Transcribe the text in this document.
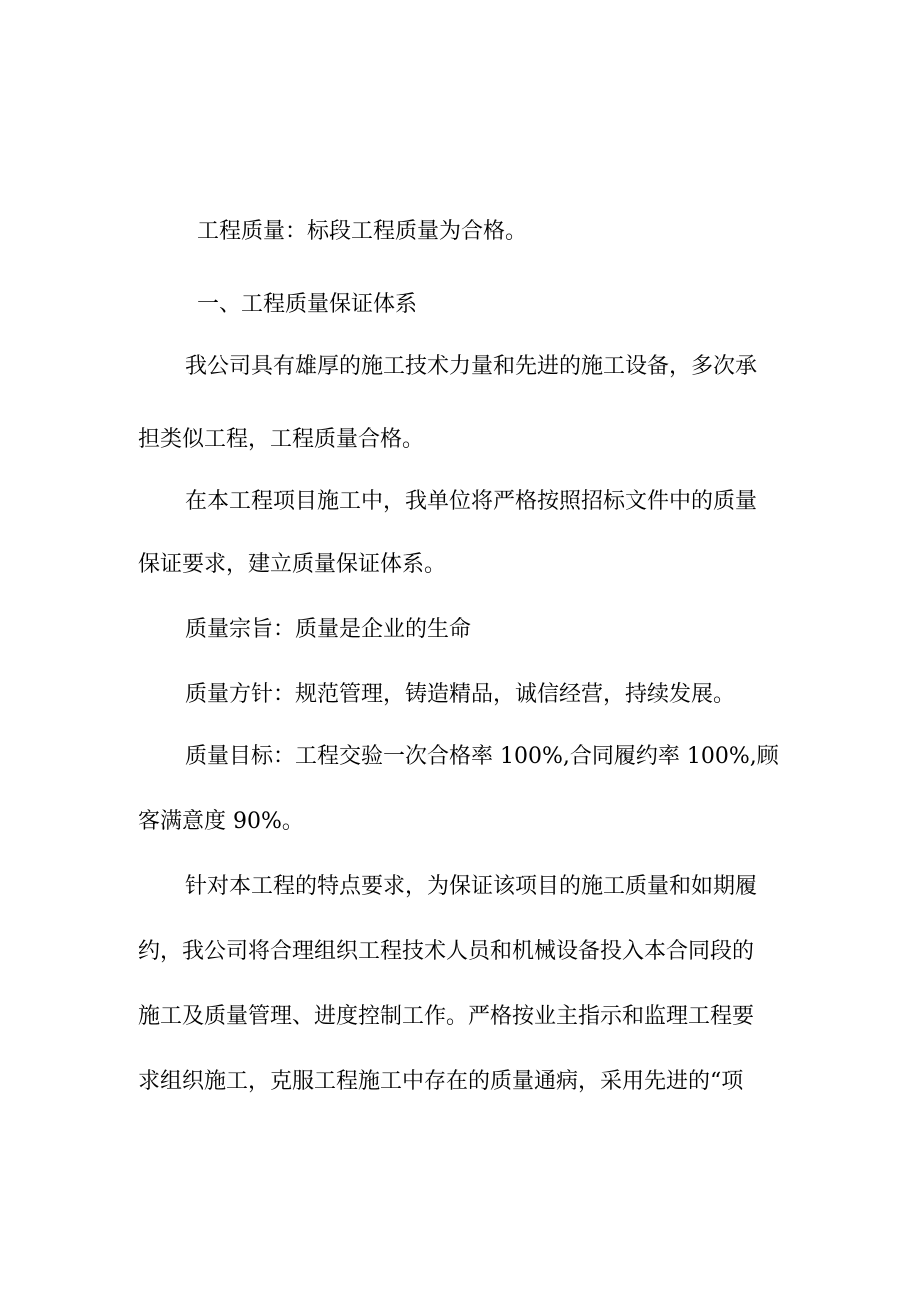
工程质量：标段工程质量为合格。
一、工程质量保证体系
我公司具有雄厚的施工技术力量和先进的施工设备，多次承
担类似工程，工程质量合格。
在本工程项目施工中，我单位将严格按照招标文件中的质量
保证要求，建立质量保证体系。
质量宗旨：质量是企业的生命
质量方针：规范管理，铸造精品，诚信经营，持续发展。
质量目标：工程交验一次合格率 100%,合同履约率 100%,顾
客满意度 90%。
针对本工程的特点要求，为保证该项目的施工质量和如期履
约，我公司将合理组织工程技术人员和机械设备投入本合同段的
施工及质量管理、进度控制工作。严格按业主指示和监理工程要
求组织施工，克服工程施工中存在的质量通病，采用先进的“项
